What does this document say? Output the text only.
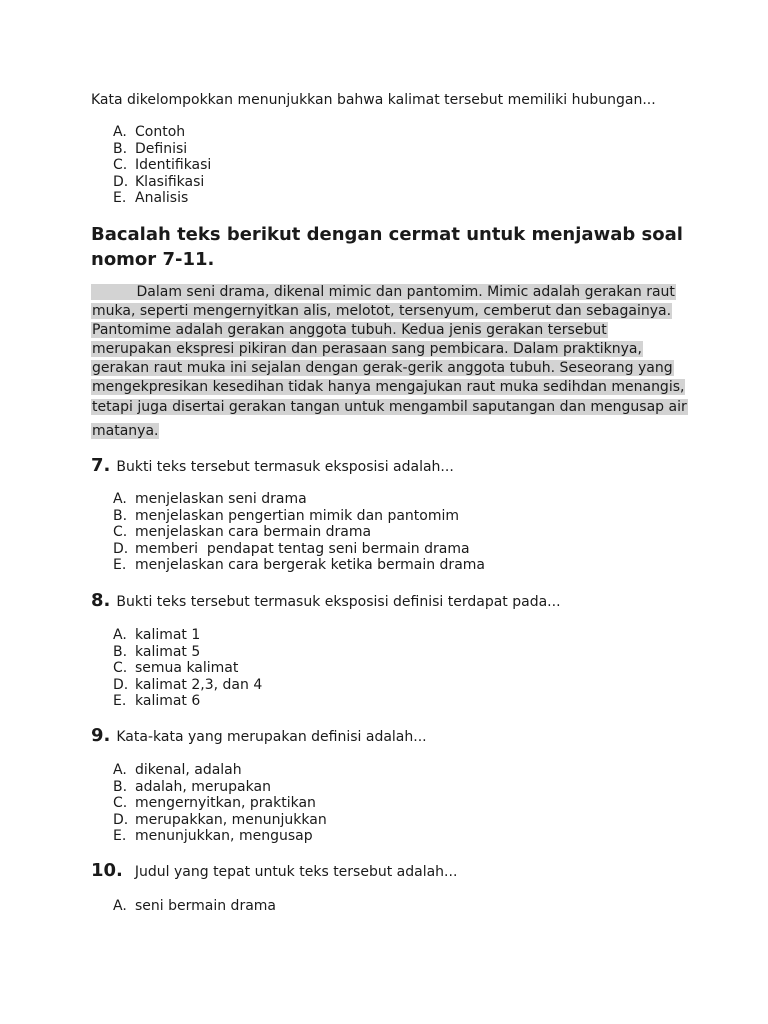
Kata dikelompokkan menunjukkan bahwa kalimat tersebut memiliki hubungan...
A. Contoh
B. Definisi
C. Identifikasi
D. Klasifikasi
E. Analisis
Bacalah teks berikut dengan cermat untuk menjawab soal nomor 7-11.
Dalam seni drama, dikenal mimic dan pantomim. Mimic adalah gerakan raut
muka, seperti mengernyitkan alis, melotot, tersenyum, cemberut dan sebagainya.
Pantomime adalah gerakan anggota tubuh. Kedua jenis gerakan tersebut
merupakan ekspresi pikiran dan perasaan sang pembicara. Dalam praktiknya,
gerakan raut muka ini sejalan dengan gerak-gerik anggota tubuh. Seseorang yang
mengekpresikan kesedihan tidak hanya mengajukan raut muka sedihdan menangis,
tetapi juga disertai gerakan tangan untuk mengambil saputangan dan mengusap air
matanya.
7. Bukti teks tersebut termasuk eksposisi adalah...
A. menjelaskan seni drama
B. menjelaskan pengertian mimik dan pantomim
C. menjelaskan cara bermain drama
D. memberi  pendapat tentag seni bermain drama
E. menjelaskan cara bergerak ketika bermain drama
8. Bukti teks tersebut termasuk eksposisi definisi terdapat pada...
A. kalimat 1
B. kalimat 5
C. semua kalimat
D. kalimat 2,3, dan 4
E. kalimat 6
9. Kata-kata yang merupakan definisi adalah...
A. dikenal, adalah
B. adalah, merupakan
C. mengernyitkan, praktikan
D. merupakkan, menunjukkan
E. menunjukkan, mengusap
10. Judul yang tepat untuk teks tersebut adalah...
A. seni bermain drama
